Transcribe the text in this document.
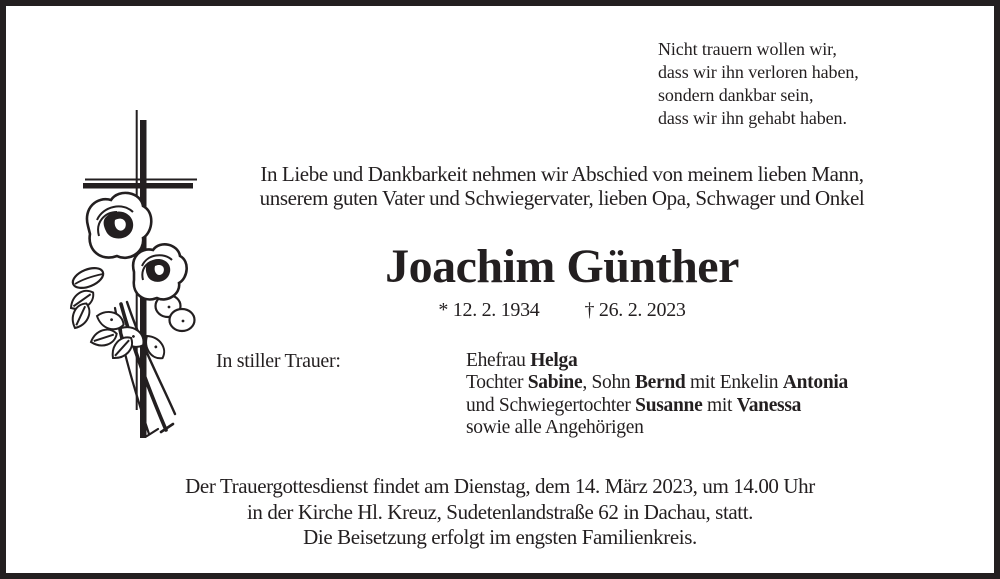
Nicht trauern wollen wir,
dass wir ihn verloren haben,
sondern dankbar sein,
dass wir ihn gehabt haben.
In Liebe und Dankbarkeit nehmen wir Abschied von meinem lieben Mann,
unserem guten Vater und Schwiegervater, lieben Opa, Schwager und Onkel
Joachim Günther
* 12. 2. 1934 † 26. 2. 2023
In stiller Trauer:	Ehefrau Helga
Tochter Sabine, Sohn Bernd mit Enkelin Antonia
und Schwiegertochter Susanne mit Vanessa
sowie alle Angehörigen
Der Trauergottesdienst findet am Dienstag, dem 14. März 2023, um 14.00 Uhr
in der Kirche Hl. Kreuz, Sudetenlandstraße 62 in Dachau, statt.
Die Beisetzung erfolgt im engsten Familienkreis.
